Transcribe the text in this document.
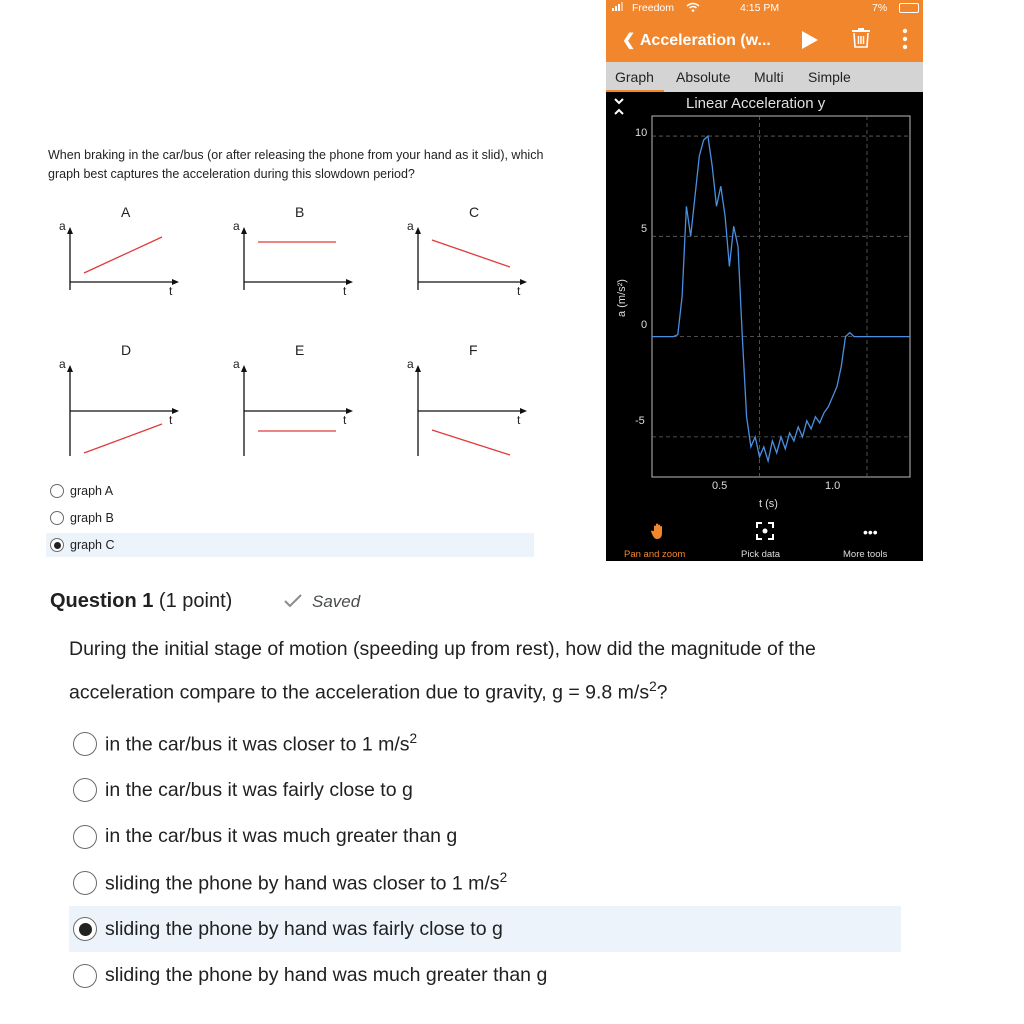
When braking in the car/bus (or after releasing the phone from your hand as it slid), which graph best captures the acceleration during this slowdown period?
A
a
t
B
a
t
C
a
t
D
a
t
E
a
t
F
a
t
graph A
graph B
graph C
Freedom	4:15 PM	7%
❮ Acceleration (w...
Graph Absolute Multi Simple
Linear Acceleration y
a (m/s²)
10
5
0
-5
0.5	1.0
t (s)
•••
Pan and zoom	Pick data	More tools
Question 1 (1 point)	Saved
During the initial stage of motion (speeding up from rest), how did the magnitude of the acceleration compare to the acceleration due to gravity, g = 9.8 $m/s^2$?
in the car/bus it was closer to 1 $m/s^2$
in the car/bus it was fairly close to g
in the car/bus it was much greater than g
sliding the phone by hand was closer to 1 $m/s^2$
sliding the phone by hand was fairly close to g
sliding the phone by hand was much greater than g
